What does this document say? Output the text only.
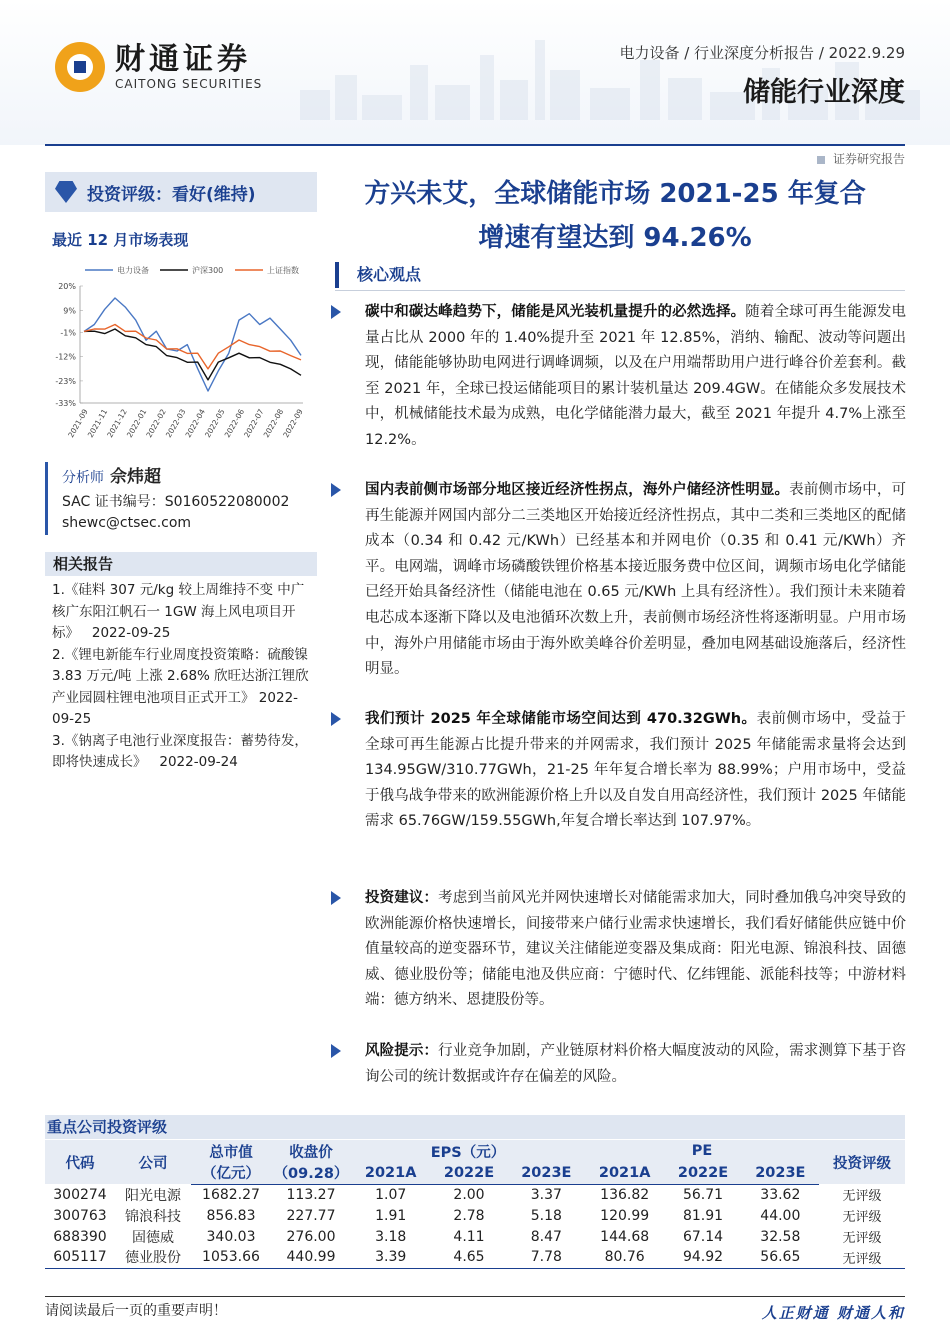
财通证券
CAITONG SECURITIES
电力设备 / 行业深度分析报告 / 2022.9.29
储能行业深度
证券研究报告
投资评级：看好(维持)
最近 12 月市场表现
电力设备	沪深300	上证指数
20%
9%
-1%
-12%
-23%
-33%
2021-09
2021-11
2021-12
2022-01
2022-02
2022-03
2022-04
2022-05
2022-06
2022-07
2022-08
2022-09
分析师 佘炜超
SAC 证书编号：S0160522080002
shewc@ctsec.com
相关报告
1.《硅料 307 元/kg 较上周维持不变 中广核广东阳江帆石一 1GW 海上风电项目开标》 2022-09-25
2.《锂电新能车行业周度投资策略：硫酸镍 3.83 万元/吨 上涨 2.68% 欣旺达浙江锂欣产业园圆柱锂电池项目正式开工》 2022-09-25
3.《钠离子电池行业深度报告：蓄势待发，即将快速成长》 2022-09-24
方兴未艾，全球储能市场 2021-25 年复合
增速有望达到 94.26%
核心观点

碳中和碳达峰趋势下，储能是风光装机量提升的必然选择。随着全球可再生能源发电量占比从 2000 年的 1.40%提升至 2021 年 12.85%，消纳、输配、波动等问题出现，储能能够协助电网进行调峰调频，以及在户用端帮助用户进行峰谷价差套利。截至 2021 年，全球已投运储能项目的累计装机量达 209.4GW。在储能众多发展技术中，机械储能技术最为成熟，电化学储能潜力最大，截至 2021 年提升 4.7%上涨至 12.2%。

国内表前侧市场部分地区接近经济性拐点，海外户储经济性明显。表前侧市场中，可再生能源并网国内部分二三类地区开始接近经济性拐点，其中二类和三类地区的配储成本（0.34 和 0.42 元/KWh）已经基本和并网电价（0.35 和 0.41 元/KWh）齐平。电网端，调峰市场磷酸铁锂价格基本接近服务费中位区间，调频市场电化学储能已经开始具备经济性（储能电池在 0.65 元/KWh 上具有经济性）。我们预计未来随着电芯成本逐渐下降以及电池循环次数上升，表前侧市场经济性将逐渐明显。户用市场中，海外户用储能市场由于海外欧美峰谷价差明显，叠加电网基础设施落后，经济性明显。

我们预计 2025 年全球储能市场空间达到 470.32GWh。表前侧市场中，受益于全球可再生能源占比提升带来的并网需求，我们预计 2025 年储能需求量将会达到 134.95GW/310.77GWh，21-25 年年复合增长率为 88.99%；户用市场中，受益于俄乌战争带来的欧洲能源价格上升以及自发自用高经济性，我们预计 2025 年储能需求 65.76GW/159.55GWh,年复合增长率达到 107.97%。

投资建议：考虑到当前风光并网快速增长对储能需求加大，同时叠加俄乌冲突导致的欧洲能源价格快速增长，间接带来户储行业需求快速增长，我们看好储能供应链中价值量较高的逆变器环节，建议关注储能逆变器及集成商：阳光电源、锦浪科技、固德威、德业股份等；储能电池及供应商：宁德时代、亿纬锂能、派能科技等；中游材料端：德方纳米、恩捷股份等。

风险提示：行业竞争加剧，产业链原材料价格大幅度波动的风险，需求测算下基于咨询公司的统计数据或许存在偏差的风险。

重点公司投资评级
代码	公司	总市值	收盘价	EPS（元）			PE			投资评级
		（亿元）	（09.28）	2021A	2022E	2023E	2021A	2022E	2023E	
300274	阳光电源	1682.27	113.27	1.07	2.00	3.37	136.82	56.71	33.62	无评级
300763	锦浪科技	856.83	227.77	1.91	2.78	5.18	120.99	81.91	44.00	无评级
688390	固德威	340.03	276.00	3.18	4.11	8.47	144.68	67.14	32.58	无评级
605117	德业股份	1053.66	440.99	3.39	4.65	7.78	80.76	94.92	56.65	无评级
请阅读最后一页的重要声明！	人正财通 财通人和
